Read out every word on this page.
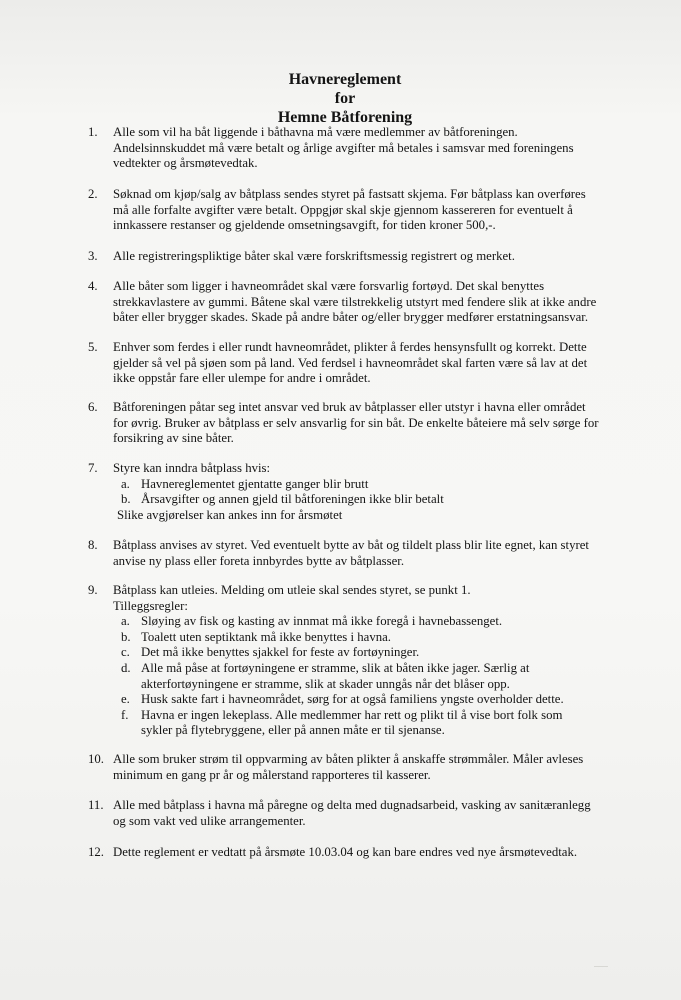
Havnereglement
for
Hemne Båtforening
1.	Alle som vil ha båt liggende i båthavna må være medlemmer av båtforeningen.
Andelsinnskuddet må være betalt og årlige avgifter må betales i samsvar med foreningens
vedtekter og årsmøtevedtak.
2.	Søknad om kjøp/salg av båtplass sendes styret på fastsatt skjema. Før båtplass kan overføres
må alle forfalte avgifter være betalt. Oppgjør skal skje gjennom kassereren for eventuelt å
innkassere restanser og gjeldende omsetningsavgift, for tiden kroner 500,-.
3.	Alle registreringspliktige båter skal være forskriftsmessig registrert og merket.
4.	Alle båter som ligger i havneområdet skal være forsvarlig fortøyd. Det skal benyttes
strekkavlastere av gummi. Båtene skal være tilstrekkelig utstyrt med fendere slik at ikke andre
båter eller brygger skades. Skade på andre båter og/eller brygger medfører erstatningsansvar.
5.	Enhver som ferdes i eller rundt havneområdet, plikter å ferdes hensynsfullt og korrekt. Dette
gjelder så vel på sjøen som på land. Ved ferdsel i havneområdet skal farten være så lav at det
ikke oppstår fare eller ulempe for andre i området.
6.	Båtforeningen påtar seg intet ansvar ved bruk av båtplasser eller utstyr i havna eller området
for øvrig. Bruker av båtplass er selv ansvarlig for sin båt. De enkelte båteiere må selv sørge for
forsikring av sine båter.
7.	Styre kan inndra båtplass hvis:
a. Havnereglementet gjentatte ganger blir brutt
b. Årsavgifter og annen gjeld til båtforeningen ikke blir betalt
Slike avgjørelser kan ankes inn for årsmøtet
8.	Båtplass anvises av styret. Ved eventuelt bytte av båt og tildelt plass blir lite egnet, kan styret
anvise ny plass eller foreta innbyrdes bytte av båtplasser.
9.	Båtplass kan utleies. Melding om utleie skal sendes styret, se punkt 1.
Tilleggsregler:
a. Sløying av fisk og kasting av innmat må ikke foregå i havnebassenget.
b. Toalett uten septiktank må ikke benyttes i havna.
c. Det må ikke benyttes sjakkel for feste av fortøyninger.
d. Alle må påse at fortøyningene er stramme, slik at båten ikke jager. Særlig at
akterfortøyningene er stramme, slik at skader unngås når det blåser opp.
e. Husk sakte fart i havneområdet, sørg for at også familiens yngste overholder dette.
f. Havna er ingen lekeplass. Alle medlemmer har rett og plikt til å vise bort folk som
sykler på flytebryggene, eller på annen måte er til sjenanse.
10. Alle som bruker strøm til oppvarming av båten plikter å anskaffe strømmåler. Måler avleses
minimum en gang pr år og målerstand rapporteres til kasserer.
11. Alle med båtplass i havna må påregne og delta med dugnadsarbeid, vasking av sanitæranlegg
og som vakt ved ulike arrangementer.
12. Dette reglement er vedtatt på årsmøte 10.03.04 og kan bare endres ved nye årsmøtevedtak.
